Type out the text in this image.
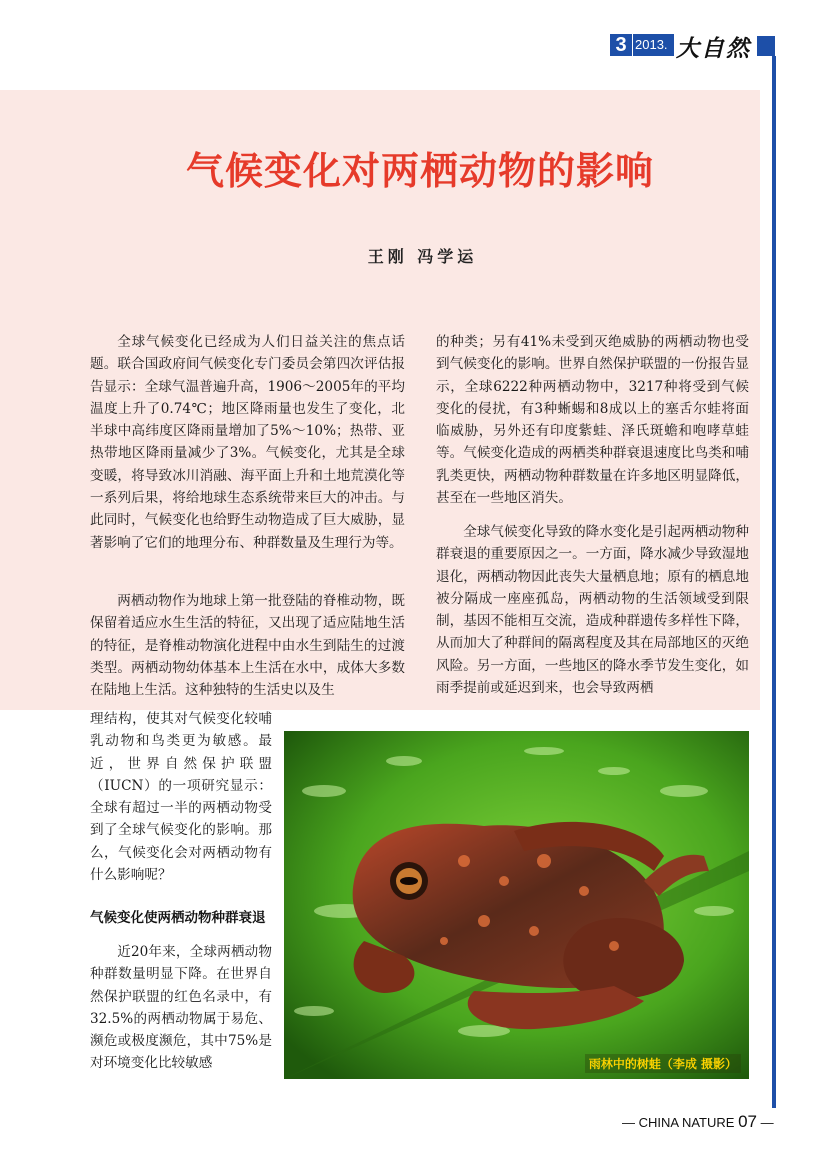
3 2013. 大自然
气候变化对两栖动物的影响
王刚 冯学运

全球气候变化已经成为人们日益关注的焦点话题。联合国政府间气候变化专门委员会第四次评估报告显示：全球气温普遍升高，1906～2005年的平均温度上升了0.74℃；地区降雨量也发生了变化，北半球中高纬度区降雨量增加了5%～10%；热带、亚热带地区降雨量减少了3%。气候变化，尤其是全球变暖，将导致冰川消融、海平面上升和土地荒漠化等一系列后果，将给地球生态系统带来巨大的冲击。与此同时，气候变化也给野生动物造成了巨大威胁，显著影响了它们的地理分布、种群数量及生理行为等。

两栖动物作为地球上第一批登陆的脊椎动物，既保留着适应水生生活的特征，又出现了适应陆地生活的特征，是脊椎动物演化进程中由水生到陆生的过渡类型。两栖动物幼体基本上生活在水中，成体大多数在陆地上生活。这种独特的生活史以及生

理结构，使其对气候变化较哺乳动物和鸟类更为敏感。最近，世界自然保护联盟（IUCN）的一项研究显示：全球有超过一半的两栖动物受到了全球气候变化的影响。那么，气候变化会对两栖动物有什么影响呢？

气候变化使两栖动物种群衰退

近20年来，全球两栖动物种群数量明显下降。在世界自然保护联盟的红色名录中，有32.5%的两栖动物属于易危、濒危或极度濒危，其中75%是对环境变化比较敏感

的种类；另有41%未受到灭绝威胁的两栖动物也受到气候变化的影响。世界自然保护联盟的一份报告显示，全球6222种两栖动物中，3217种将受到气候变化的侵扰，有3种蜥蜴和8成以上的塞舌尔蛙将面临威胁，另外还有印度紫蛙、泽氏斑蟾和咆哮草蛙等。气候变化造成的两栖类种群衰退速度比鸟类和哺乳类更快，两栖动物种群数量在许多地区明显降低，甚至在一些地区消失。

全球气候变化导致的降水变化是引起两栖动物种群衰退的重要原因之一。一方面，降水减少导致湿地退化，两栖动物因此丧失大量栖息地；原有的栖息地被分隔成一座座孤岛，两栖动物的生活领域受到限制，基因不能相互交流，造成种群遗传多样性下降，从而加大了种群间的隔离程度及其在局部地区的灭绝风险。另一方面，一些地区的降水季节发生变化，如雨季提前或延迟到来，也会导致两栖

雨林中的树蛙（李成 摄影）
— CHINA NATURE 07 —
